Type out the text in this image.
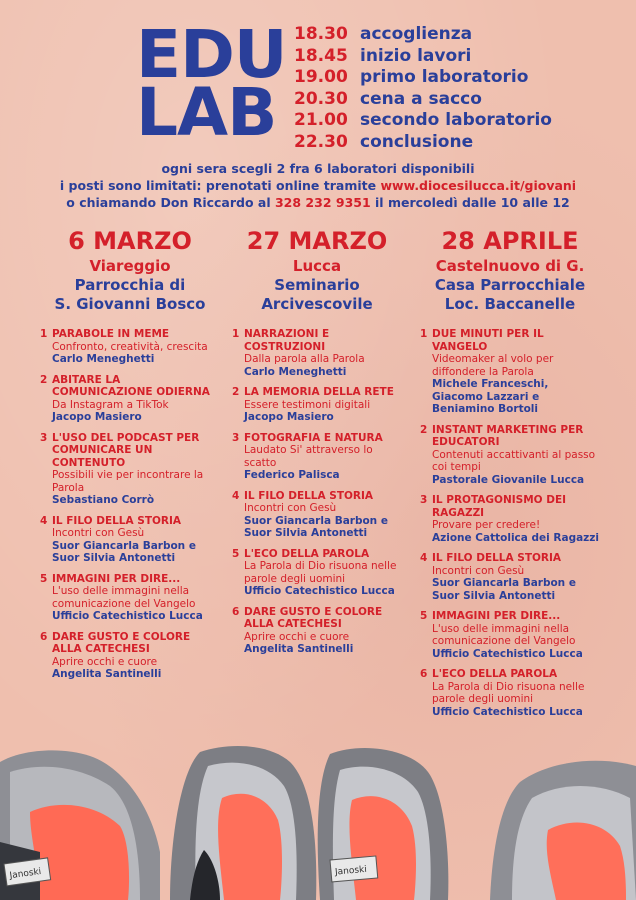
EDU
LAB
18.30 accoglienza
18.45 inizio lavori
19.00 primo laboratorio
20.30 cena a sacco
21.00 secondo laboratorio
22.30 conclusione
ogni sera scegli 2 fra 6 laboratori disponibili
i posti sono limitati: prenotati online tramite www.diocesilucca.it/giovani
o chiamando Don Riccardo al 328 232 9351 il mercoledì dalle 10 alle 12
6 MARZO
Viareggio
Parrocchia di
S. Giovanni Bosco
1 PARABOLE IN MEME
Confronto, creatività, crescita
Carlo Meneghetti
2 ABITARE LA COMUNICAZIONE ODIERNA
Da Instagram a TikTok
Jacopo Masiero
3 L'USO DEL PODCAST PER COMUNICARE UN CONTENUTO
Possibili vie per incontrare la Parola
Sebastiano Corrò
4 IL FILO DELLA STORIA
Incontri con Gesù
Suor Giancarla Barbon e Suor Silvia Antonetti
5 IMMAGINI PER DIRE...
L'uso delle immagini nella comunicazione del Vangelo
Ufficio Catechistico Lucca
6 DARE GUSTO E COLORE ALLA CATECHESI
Aprire occhi e cuore
Angelita Santinelli
27 MARZO
Lucca
Seminario
Arcivescovile
1 NARRAZIONI E COSTRUZIONI
Dalla parola alla Parola
Carlo Meneghetti
2 LA MEMORIA DELLA RETE
Essere testimoni digitali
Jacopo Masiero
3 FOTOGRAFIA E NATURA
Laudato Si' attraverso lo scatto
Federico Palisca
4 IL FILO DELLA STORIA
Incontri con Gesù
Suor Giancarla Barbon e Suor Silvia Antonetti
5 L'ECO DELLA PAROLA
La Parola di Dio risuona nelle parole degli uomini
Ufficio Catechistico Lucca
6 DARE GUSTO E COLORE ALLA CATECHESI
Aprire occhi e cuore
Angelita Santinelli
28 APRILE
Castelnuovo di G.
Casa Parrocchiale
Loc. Baccanelle
1 DUE MINUTI PER IL VANGELO
Videomaker al volo per diffondere la Parola
Michele Franceschi, Giacomo Lazzari e Beniamino Bortoli
2 INSTANT MARKETING PER EDUCATORI
Contenuti accattivanti al passo coi tempi
Pastorale Giovanile Lucca
3 IL PROTAGONISMO DEI RAGAZZI
Provare per credere!
Azione Cattolica dei Ragazzi
4 IL FILO DELLA STORIA
Incontri con Gesù
Suor Giancarla Barbon e Suor Silvia Antonetti
5 IMMAGINI PER DIRE...
L'uso delle immagini nella comunicazione del Vangelo
Ufficio Catechistico Lucca
6 L'ECO DELLA PAROLA
La Parola di Dio risuona nelle parole degli uomini
Ufficio Catechistico Lucca
Janoski	Janoski
